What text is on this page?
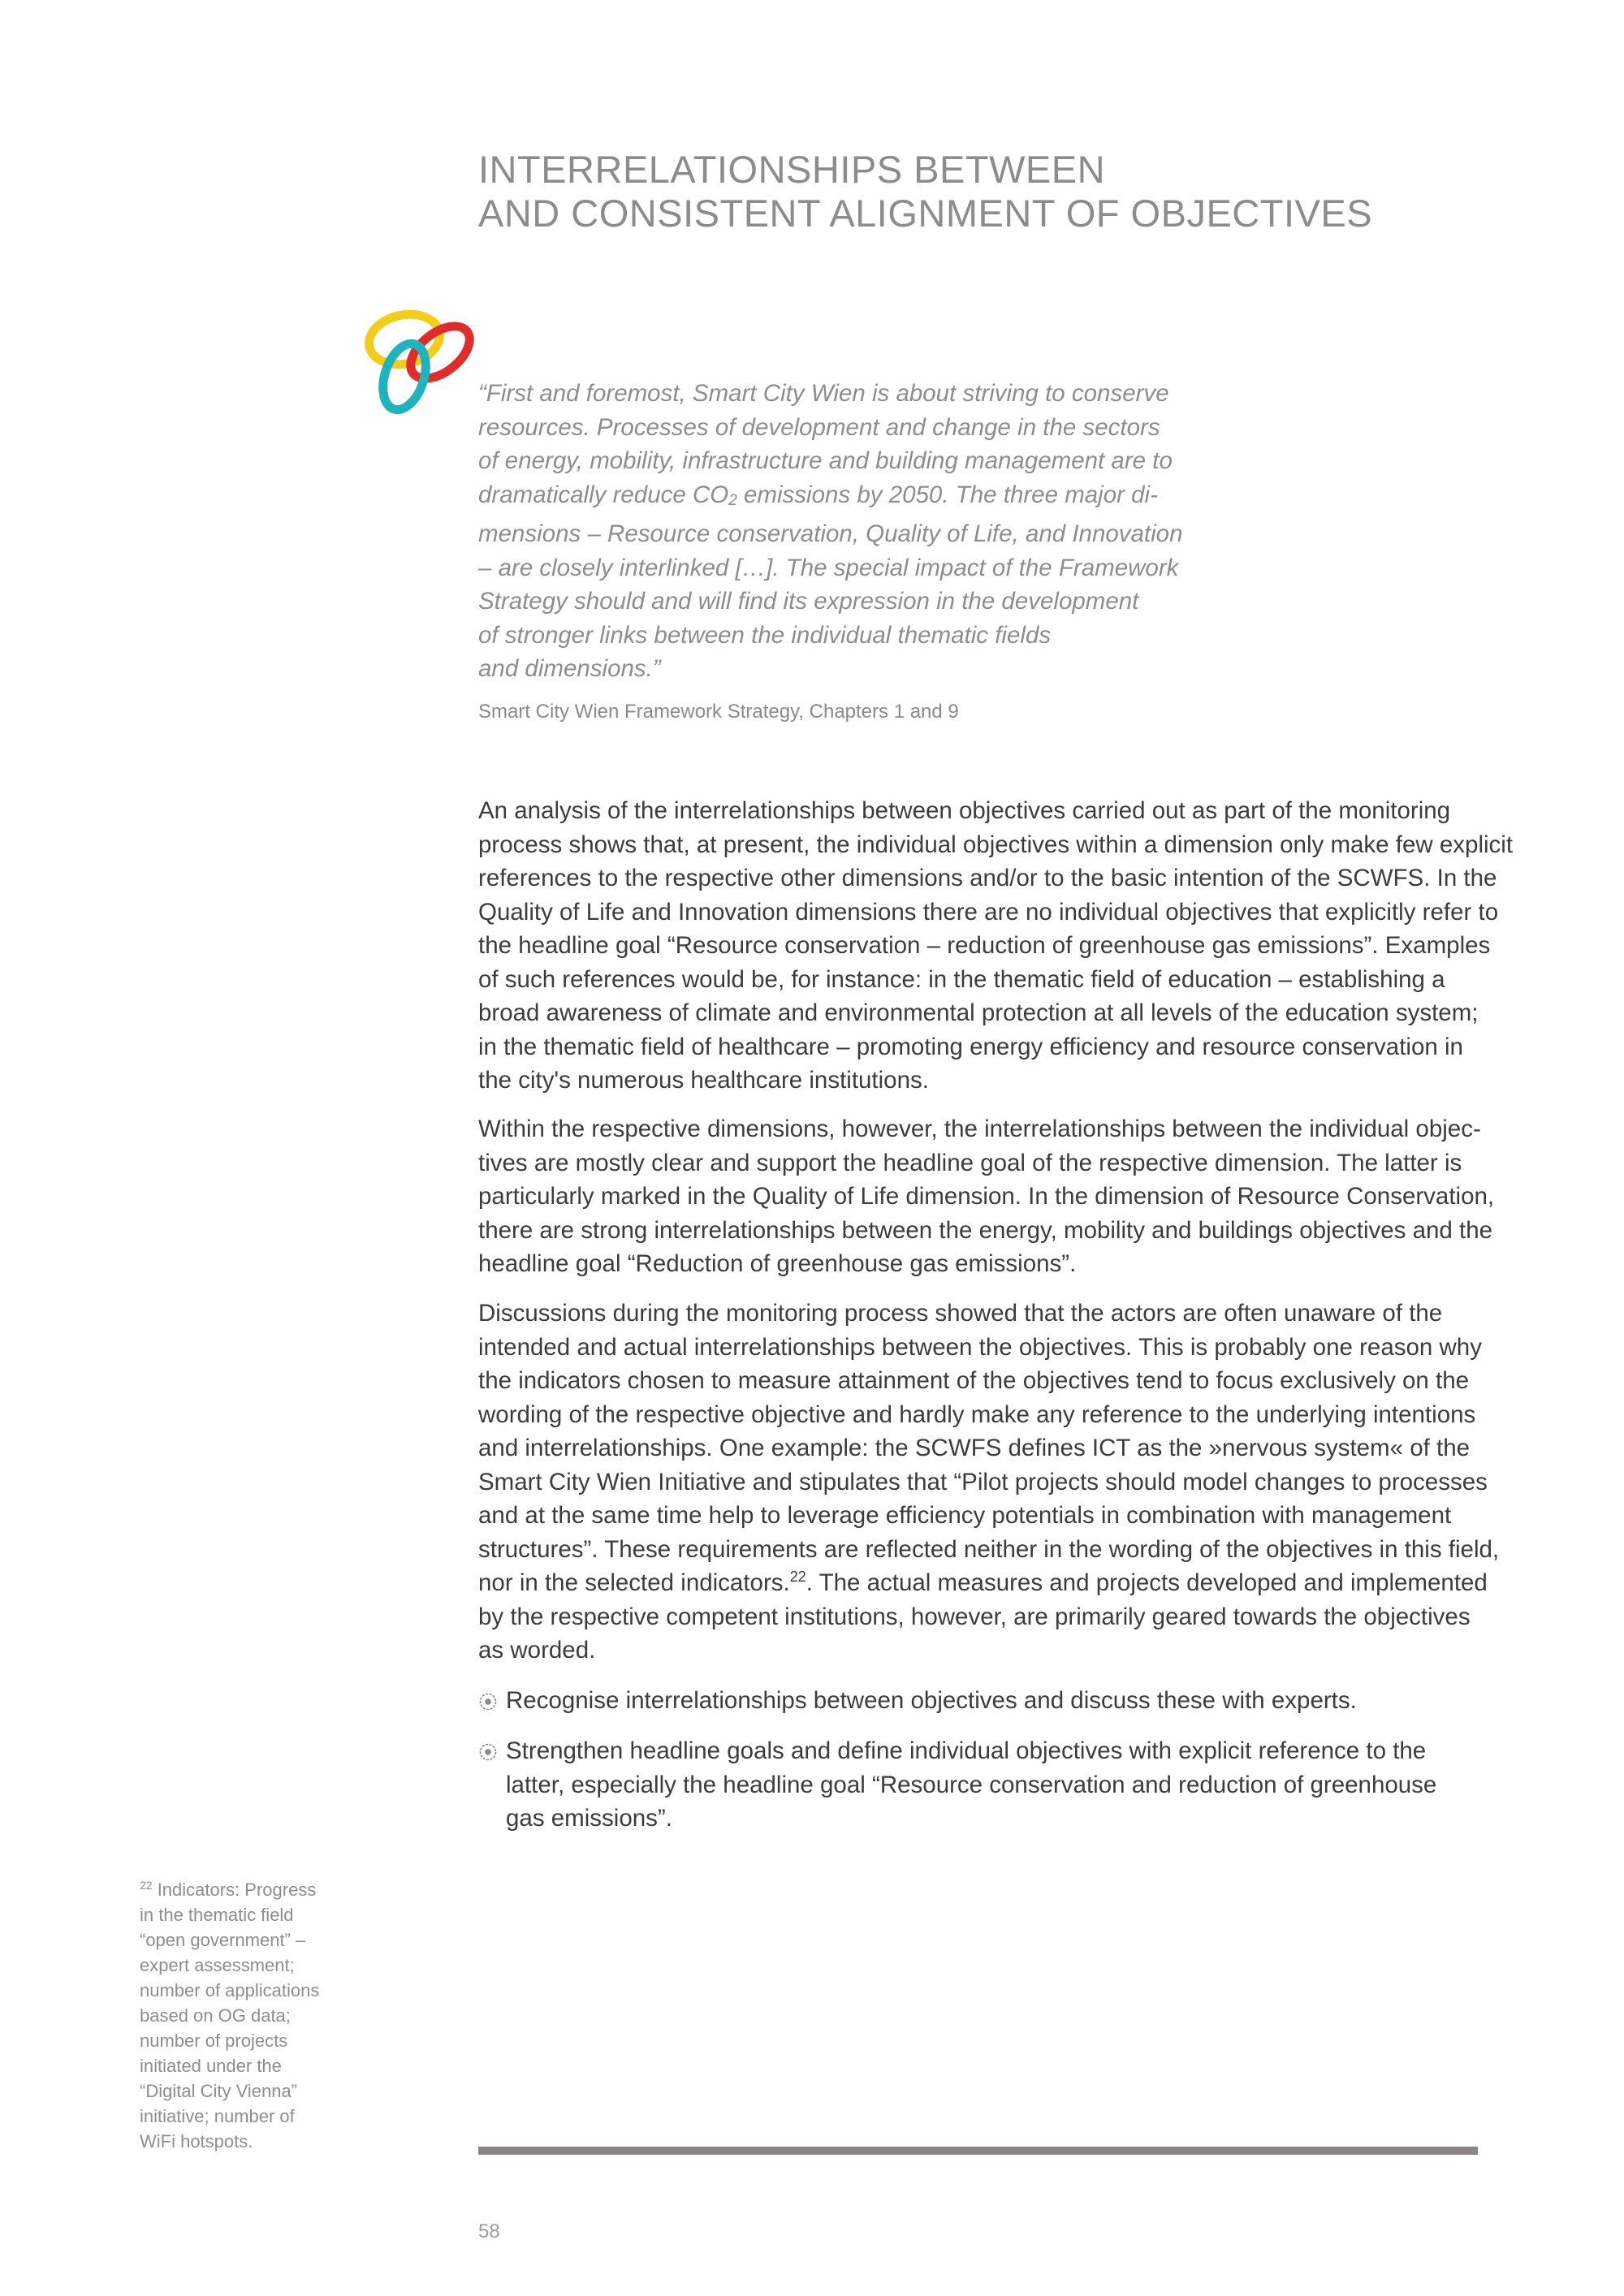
INTERRELATIONSHIPS BETWEEN
AND CONSISTENT ALIGNMENT OF OBJECTIVES
“First and foremost, Smart City Wien is about striving to conserve
resources. Processes of development and change in the sectors
of energy, mobility, infrastructure and building management are to
dramatically reduce $CO_2$ emissions by 2050. The three major di-
mensions – Resource conservation, Quality of Life, and Innovation
– are closely interlinked […]. The special impact of the Framework
Strategy should and will find its expression in the development
of stronger links between the individual thematic fields
and dimensions.”
Smart City Wien Framework Strategy, Chapters 1 and 9

An analysis of the interrelationships between objectives carried out as part of the monitoring
process shows that, at present, the individual objectives within a dimension only make few explicit
references to the respective other dimensions and/or to the basic intention of the SCWFS. In the
Quality of Life and Innovation dimensions there are no individual objectives that explicitly refer to
the headline goal “Resource conservation – reduction of greenhouse gas emissions”. Examples
of such references would be, for instance: in the thematic field of education – establishing a
broad awareness of climate and environmental protection at all levels of the education system;
in the thematic field of healthcare – promoting energy efficiency and resource conservation in
the city's numerous healthcare institutions.

Within the respective dimensions, however, the interrelationships between the individual objec-
tives are mostly clear and support the headline goal of the respective dimension. The latter is
particularly marked in the Quality of Life dimension. In the dimension of Resource Conservation,
there are strong interrelationships between the energy, mobility and buildings objectives and the
headline goal “Reduction of greenhouse gas emissions”.

Discussions during the monitoring process showed that the actors are often unaware of the
intended and actual interrelationships between the objectives. This is probably one reason why
the indicators chosen to measure attainment of the objectives tend to focus exclusively on the
wording of the respective objective and hardly make any reference to the underlying intentions
and interrelationships. One example: the SCWFS defines ICT as the »nervous system« of the
Smart City Wien Initiative and stipulates that “Pilot projects should model changes to processes
and at the same time help to leverage efficiency potentials in combination with management
structures”. These requirements are reflected neither in the wording of the objectives in this field,
nor in the selected indicators.$^{22}$. The actual measures and projects developed and implemented
by the respective competent institutions, however, are primarily geared towards the objectives
as worded.

Recognise interrelationships between objectives and discuss these with experts.
Strengthen headline goals and define individual objectives with explicit reference to the
latter, especially the headline goal “Resource conservation and reduction of greenhouse
gas emissions”.
$^{22}$ Indicators: Progress
in the thematic field
“open government” –
expert assessment;
number of applications
based on OG data;
number of projects
initiated under the
“Digital City Vienna”
initiative; number of
WiFi hotspots.
58
